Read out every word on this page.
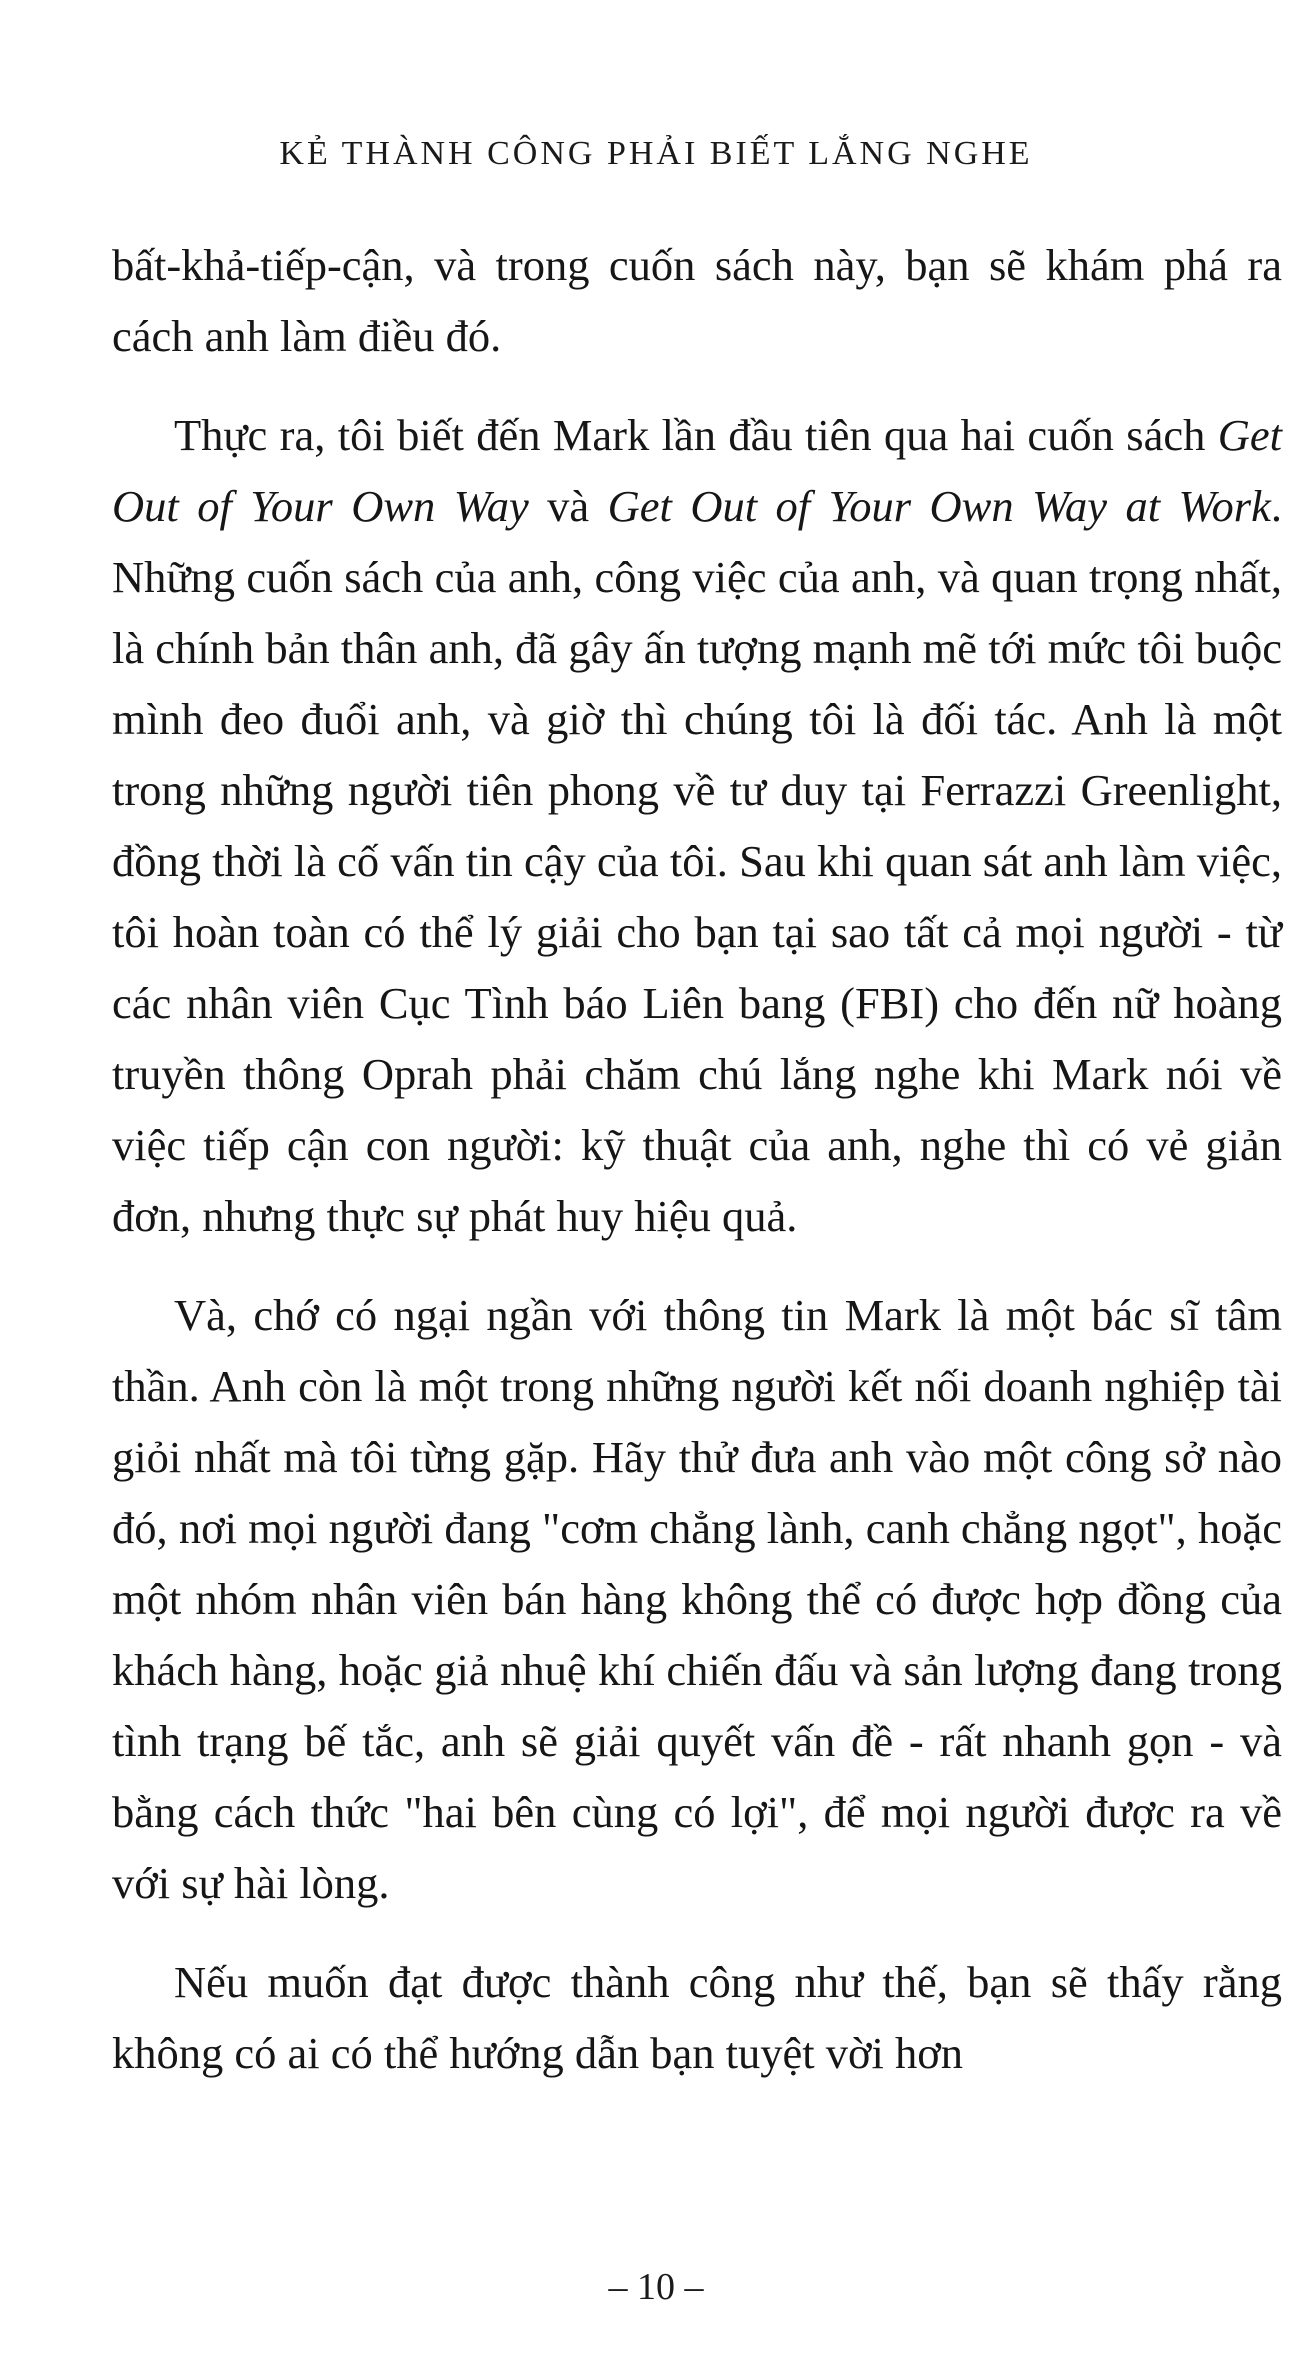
KẺ THÀNH CÔNG PHẢI BIẾT LẮNG NGHE

bất-khả-tiếp-cận, và trong cuốn sách này, bạn sẽ khám phá ra cách anh làm điều đó.

Thực ra, tôi biết đến Mark lần đầu tiên qua hai cuốn sách Get Out of Your Own Way và Get Out of Your Own Way at Work. Những cuốn sách của anh, công việc của anh, và quan trọng nhất, là chính bản thân anh, đã gây ấn tượng mạnh mẽ tới mức tôi buộc mình đeo đuổi anh, và giờ thì chúng tôi là đối tác. Anh là một trong những người tiên phong về tư duy tại Ferrazzi Greenlight, đồng thời là cố vấn tin cậy của tôi. Sau khi quan sát anh làm việc, tôi hoàn toàn có thể lý giải cho bạn tại sao tất cả mọi người - từ các nhân viên Cục Tình báo Liên bang (FBI) cho đến nữ hoàng truyền thông Oprah phải chăm chú lắng nghe khi Mark nói về việc tiếp cận con người: kỹ thuật của anh, nghe thì có vẻ giản đơn, nhưng thực sự phát huy hiệu quả.

Và, chớ có ngại ngần với thông tin Mark là một bác sĩ tâm thần. Anh còn là một trong những người kết nối doanh nghiệp tài giỏi nhất mà tôi từng gặp. Hãy thử đưa anh vào một công sở nào đó, nơi mọi người đang "cơm chẳng lành, canh chẳng ngọt", hoặc một nhóm nhân viên bán hàng không thể có được hợp đồng của khách hàng, hoặc giả nhuệ khí chiến đấu và sản lượng đang trong tình trạng bế tắc, anh sẽ giải quyết vấn đề - rất nhanh gọn - và bằng cách thức "hai bên cùng có lợi", để mọi người được ra về với sự hài lòng.

Nếu muốn đạt được thành công như thế, bạn sẽ thấy rằng không có ai có thể hướng dẫn bạn tuyệt vời hơn

– 10 –
